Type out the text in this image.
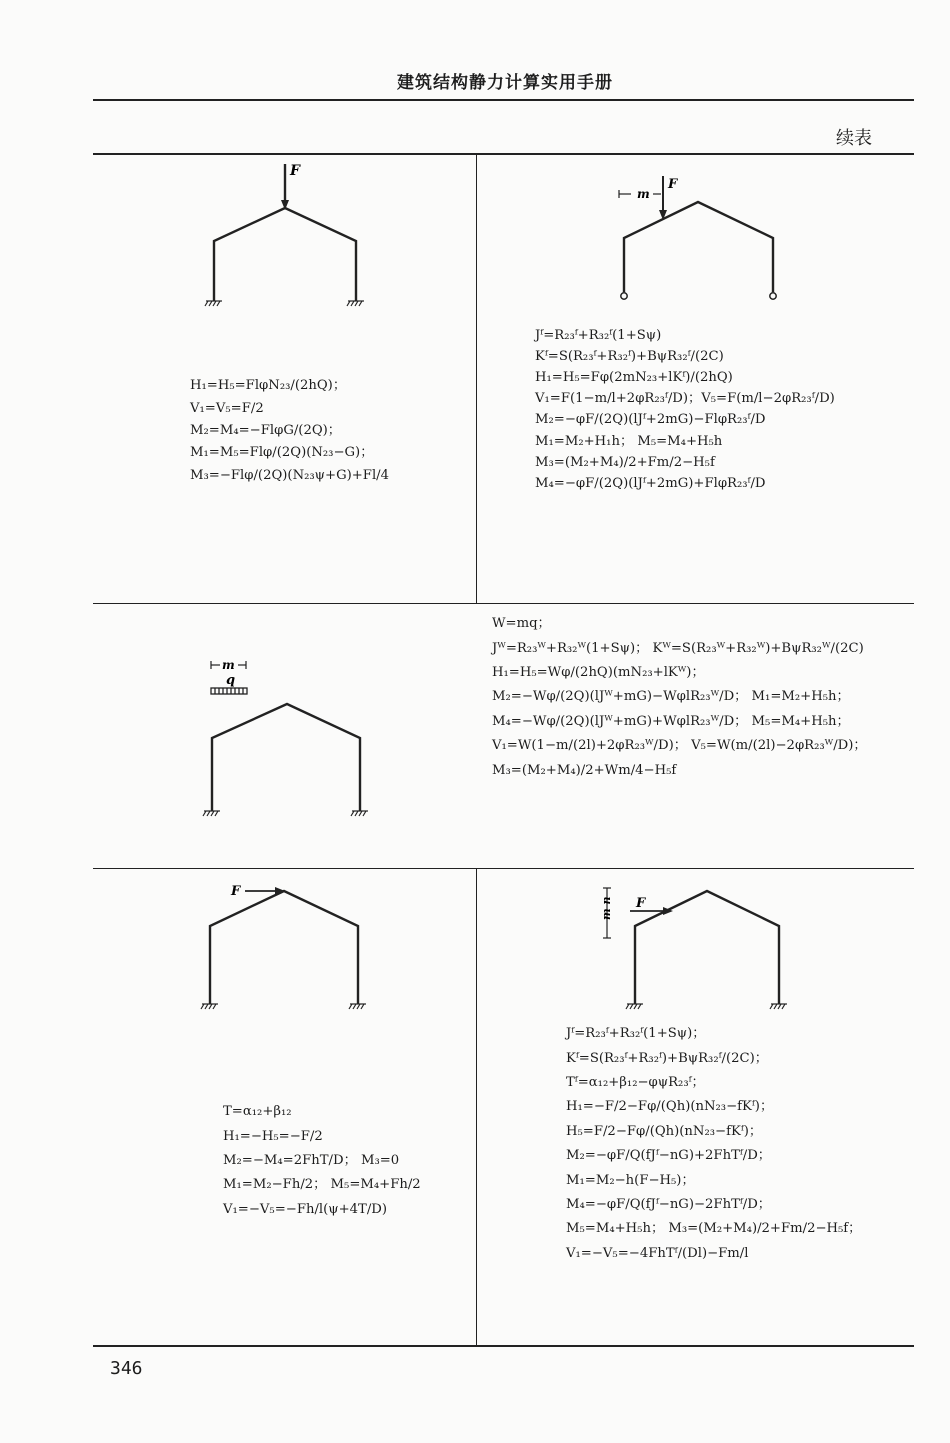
建筑结构静力计算实用手册
续表
F
H₁=H₅=FlφN₂₃/(2hQ)；
V₁=V₅=F/2
M₂=M₄=−FlφG/(2Q)；
M₁=M₅=Flφ/(2Q)(N₂₃−G)；
M₃=−Flφ/(2Q)(N₂₃ψ+G)+Fl/4
m
F
Jᶠ=R₂₃ᶠ+R₃₂ᶠ(1+Sψ)
Kᶠ=S(R₂₃ᶠ+R₃₂ᶠ)+BψR₃₂ᶠ/(2C)
H₁=H₅=Fφ(2mN₂₃+lKᶠ)/(2hQ)
V₁=F(1−m/l+2φR₂₃ᶠ/D)；V₅=F(m/l−2φR₂₃ᶠ/D)
M₂=−φF/(2Q)(lJᶠ+2mG)−FlφR₂₃ᶠ/D
M₁=M₂+H₁h； M₅=M₄+H₅h
M₃=(M₂+M₄)/2+Fm/2−H₅f
M₄=−φF/(2Q)(lJᶠ+2mG)+FlφR₂₃ᶠ/D
m
q
W=mq；
Jᵂ=R₂₃ᵂ+R₃₂ᵂ(1+Sψ)； Kᵂ=S(R₂₃ᵂ+R₃₂ᵂ)+BψR₃₂ᵂ/(2C)
H₁=H₅=Wφ/(2hQ)(mN₂₃+lKᵂ)；
M₂=−Wφ/(2Q)(lJᵂ+mG)−WφlR₂₃ᵂ/D； M₁=M₂+H₅h；
M₄=−Wφ/(2Q)(lJᵂ+mG)+WφlR₂₃ᵂ/D； M₅=M₄+H₅h；
V₁=W(1−m/(2l)+2φR₂₃ᵂ/D)； V₅=W(m/(2l)−2φR₂₃ᵂ/D)；
M₃=(M₂+M₄)/2+Wm/4−H₅f
F
T=α₁₂+β₁₂
H₁=−H₅=−F/2
M₂=−M₄=2FhT/D； M₃=0
M₁=M₂−Fh/2； M₅=M₄+Fh/2
V₁=−V₅=−Fh/l(ψ+4T/D)
m n F
Jᶠ=R₂₃ᶠ+R₃₂ᶠ(1+Sψ)；
Kᶠ=S(R₂₃ᶠ+R₃₂ᶠ)+BψR₃₂ᶠ/(2C)；
Tᶠ=α₁₂+β₁₂−φψR₂₃ᶠ；
H₁=−F/2−Fφ/(Qh)(nN₂₃−fKᶠ)；
H₅=F/2−Fφ/(Qh)(nN₂₃−fKᶠ)；
M₂=−φF/Q(fJᶠ−nG)+2FhTᶠ/D；
M₁=M₂−h(F−H₅)；
M₄=−φF/Q(fJᶠ−nG)−2FhTᶠ/D；
M₅=M₄+H₅h； M₃=(M₂+M₄)/2+Fm/2−H₅f；
V₁=−V₅=−4FhTᶠ/(Dl)−Fm/l
346
